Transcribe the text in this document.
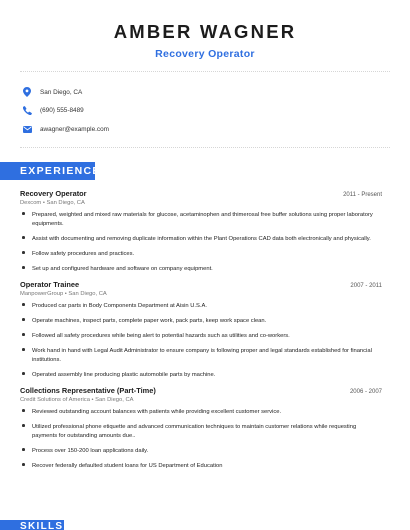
AMBER WAGNER
Recovery Operator
San Diego, CA
(690) 555-8489
awagner@example.com
EXPERIENCE
Recovery Operator	2011 - Present
Dexcom • San Diego, CA
Prepared, weighted and mixed raw materials for glucose, acetaminophen and thimerosal free buffer solutions using proper laboratory equipments.
Assist with documenting and removing duplicate information within the Plant Operations CAD data both electronically and physically.
Follow safety procedures and practices.
Set up and configured hardware and software on company equipment.
Operator Trainee	2007 - 2011
ManpowerGroup • San Diego, CA
Produced car parts in Body Components Department at Aisin U.S.A.
Operate machines, inspect parts, complete paper work, pack parts, keep work space clean.
Followed all safety procedures while being alert to potential hazards such as utilities and co-workers.
Work hand in hand with Legal Audit Administrator to ensure company is following proper and legal standards established for financial institutions.
Operated assembly line producing plastic automobile parts by machine.
Collections Representative (Part-Time)	2006 - 2007
Credit Solutions of America • San Diego, CA
Reviewed outstanding account balances with patients while providing excellent customer service.
Utilized professional phone etiquette and advanced communication techniques to maintain customer relations while requesting payments for outstanding amounts due..
Process over 150-200 loan applications daily.
Recover federally defaulted student loans for US Department of Education
SKILLS
